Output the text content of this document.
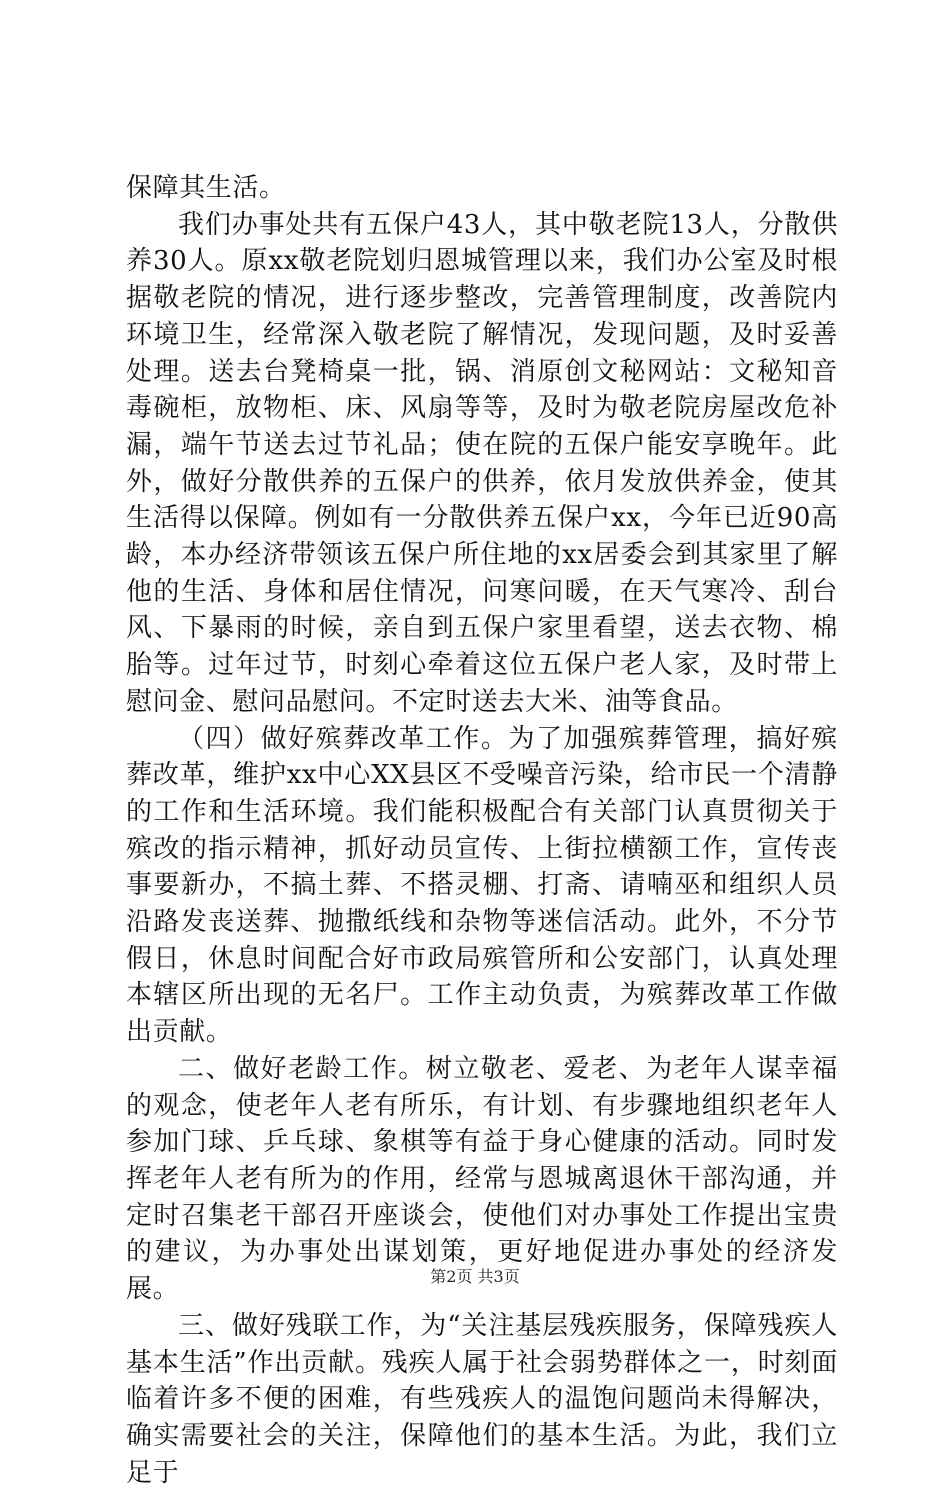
保障其生活。

我们办事处共有五保户43人，其中敬老院13人，分散供养30人。原xx敬老院划归恩城管理以来，我们办公室及时根据敬老院的情况，进行逐步整改，完善管理制度，改善院内环境卫生，经常深入敬老院了解情况，发现问题，及时妥善处理。送去台凳椅桌一批，锅、消原创文秘网站：文秘知音毒碗柜，放物柜、床、风扇等等，及时为敬老院房屋改危补漏，端午节送去过节礼品；使在院的五保户能安享晚年。此外，做好分散供养的五保户的供养，依月发放供养金，使其生活得以保障。例如有一分散供养五保户xx，今年已近90高龄，本办经济带领该五保户所住地的xx居委会到其家里了解他的生活、身体和居住情况，问寒问暖，在天气寒冷、刮台风、下暴雨的时候，亲自到五保户家里看望，送去衣物、棉胎等。过年过节，时刻心牵着这位五保户老人家，及时带上慰问金、慰问品慰问。不定时送去大米、油等食品。

（四）做好殡葬改革工作。为了加强殡葬管理，搞好殡葬改革，维护xx中心XX县区不受噪音污染，给市民一个清静的工作和生活环境。我们能积极配合有关部门认真贯彻关于殡改的指示精神，抓好动员宣传、上街拉横额工作，宣传丧事要新办，不搞土葬、不搭灵棚、打斋、请喃巫和组织人员沿路发丧送葬、抛撒纸线和杂物等迷信活动。此外，不分节假日，休息时间配合好市政局殡管所和公安部门，认真处理本辖区所出现的无名尸。工作主动负责，为殡葬改革工作做出贡献。

二、做好老龄工作。树立敬老、爱老、为老年人谋幸福的观念，使老年人老有所乐，有计划、有步骤地组织老年人参加门球、乒乓球、象棋等有益于身心健康的活动。同时发挥老年人老有所为的作用，经常与恩城离退休干部沟通，并定时召集老干部召开座谈会，使他们对办事处工作提出宝贵的建议，为办事处出谋划策，更好地促进办事处的经济发展。

三、做好残联工作，为“关注基层残疾服务，保障残疾人基本生活”作出贡献。残疾人属于社会弱势群体之一，时刻面临着许多不便的困难，有些残疾人的温饱问题尚未得解决，确实需要社会的关注，保障他们的基本生活。为此，我们立足于

第2页 共3页
